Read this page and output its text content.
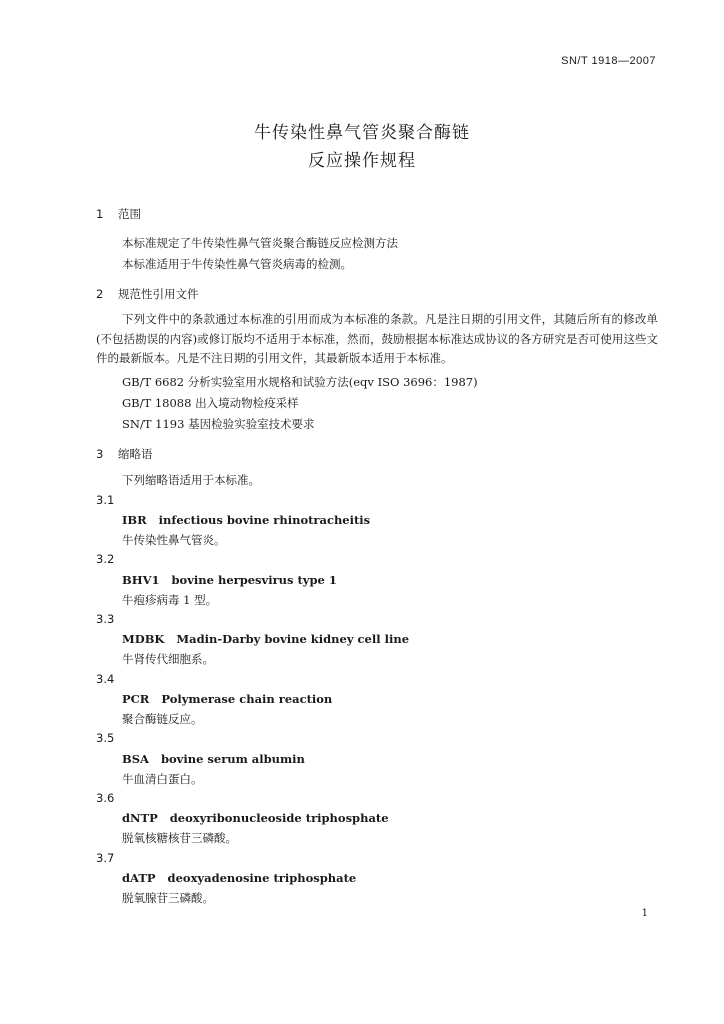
SN/T 1918—2007
牛传染性鼻气管炎聚合酶链
反应操作规程
1 范围
本标准规定了牛传染性鼻气管炎聚合酶链反应检测方法
本标准适用于牛传染性鼻气管炎病毒的检测。
2 规范性引用文件
下列文件中的条款通过本标准的引用而成为本标准的条款。凡是注日期的引用文件，其随后所有的修改单(不包括勘误的内容)或修订版均不适用于本标准，然而，鼓励根据本标准达成协议的各方研究是否可使用这些文件的最新版本。凡是不注日期的引用文件，其最新版本适用于本标准。
GB/T 6682 分析实验室用水规格和试验方法(eqv ISO 3696：1987)
GB/T 18088 出入境动物检疫采样
SN/T 1193 基因检验实验室技术要求
3 缩略语
下列缩略语适用于本标准。
3.1
IBR infectious bovine rhinotracheitis
牛传染性鼻气管炎。
3.2
BHV1 bovine herpesvirus type 1
牛疱疹病毒 1 型。
3.3
MDBK Madin-Darby bovine kidney cell line
牛肾传代细胞系。
3.4
PCR Polymerase chain reaction
聚合酶链反应。
3.5
BSA bovine serum albumin
牛血清白蛋白。
3.6
dNTP deoxyribonucleoside triphosphate
脱氧核糖核苷三磷酸。
3.7
dATP deoxyadenosine triphosphate
脱氧腺苷三磷酸。
1
